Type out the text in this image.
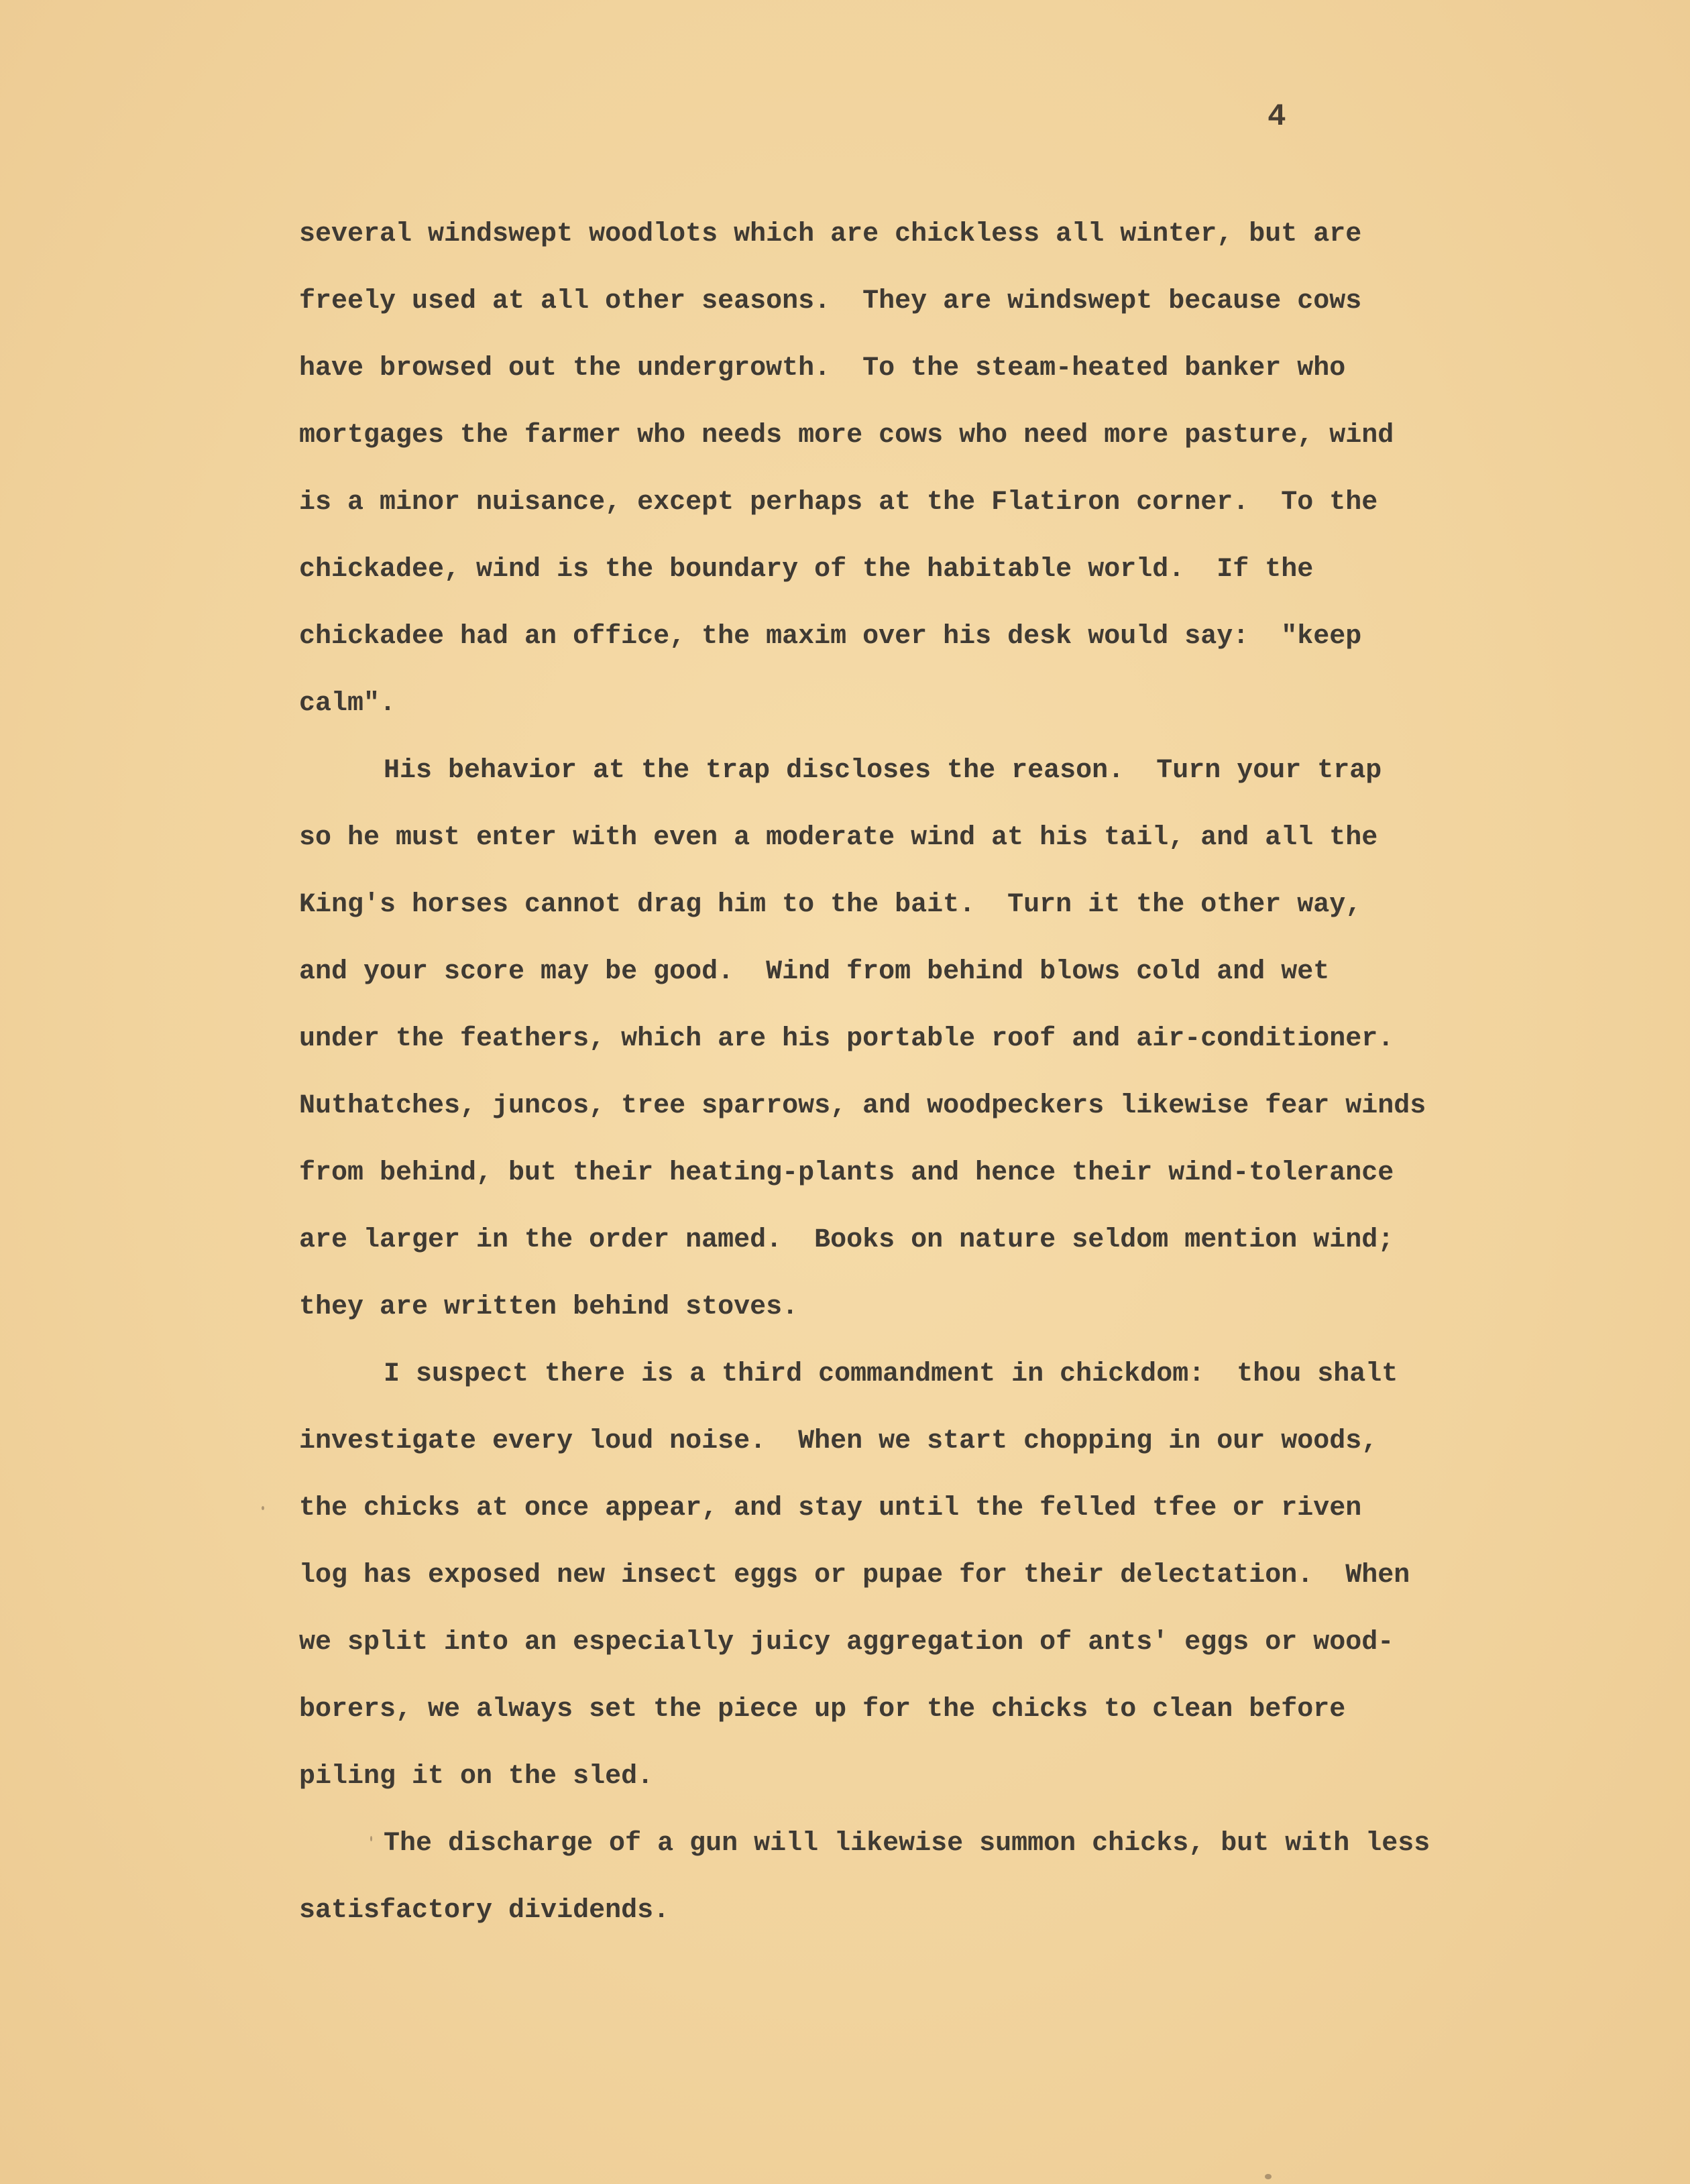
4
several windswept woodlots which are chickless all winter, but are
freely used at all other seasons.  They are windswept because cows
have browsed out the undergrowth.  To the steam-heated banker who
mortgages the farmer who needs more cows who need more pasture, wind
is a minor nuisance, except perhaps at the Flatiron corner.  To the
chickadee, wind is the boundary of the habitable world.  If the
chickadee had an office, the maxim over his desk would say:  "keep
calm".
His behavior at the trap discloses the reason.  Turn your trap
so he must enter with even a moderate wind at his tail, and all the
King's horses cannot drag him to the bait.  Turn it the other way,
and your score may be good.  Wind from behind blows cold and wet
under the feathers, which are his portable roof and air-conditioner.
Nuthatches, juncos, tree sparrows, and woodpeckers likewise fear winds
from behind, but their heating-plants and hence their wind-tolerance
are larger in the order named.  Books on nature seldom mention wind;
they are written behind stoves.
I suspect there is a third commandment in chickdom:  thou shalt
investigate every loud noise.  When we start chopping in our woods,
the chicks at once appear, and stay until the felled tfee or riven
log has exposed new insect eggs or pupae for their delectation.  When
we split into an especially juicy aggregation of ants' eggs or wood-
borers, we always set the piece up for the chicks to clean before
piling it on the sled.
The discharge of a gun will likewise summon chicks, but with less
satisfactory dividends.
